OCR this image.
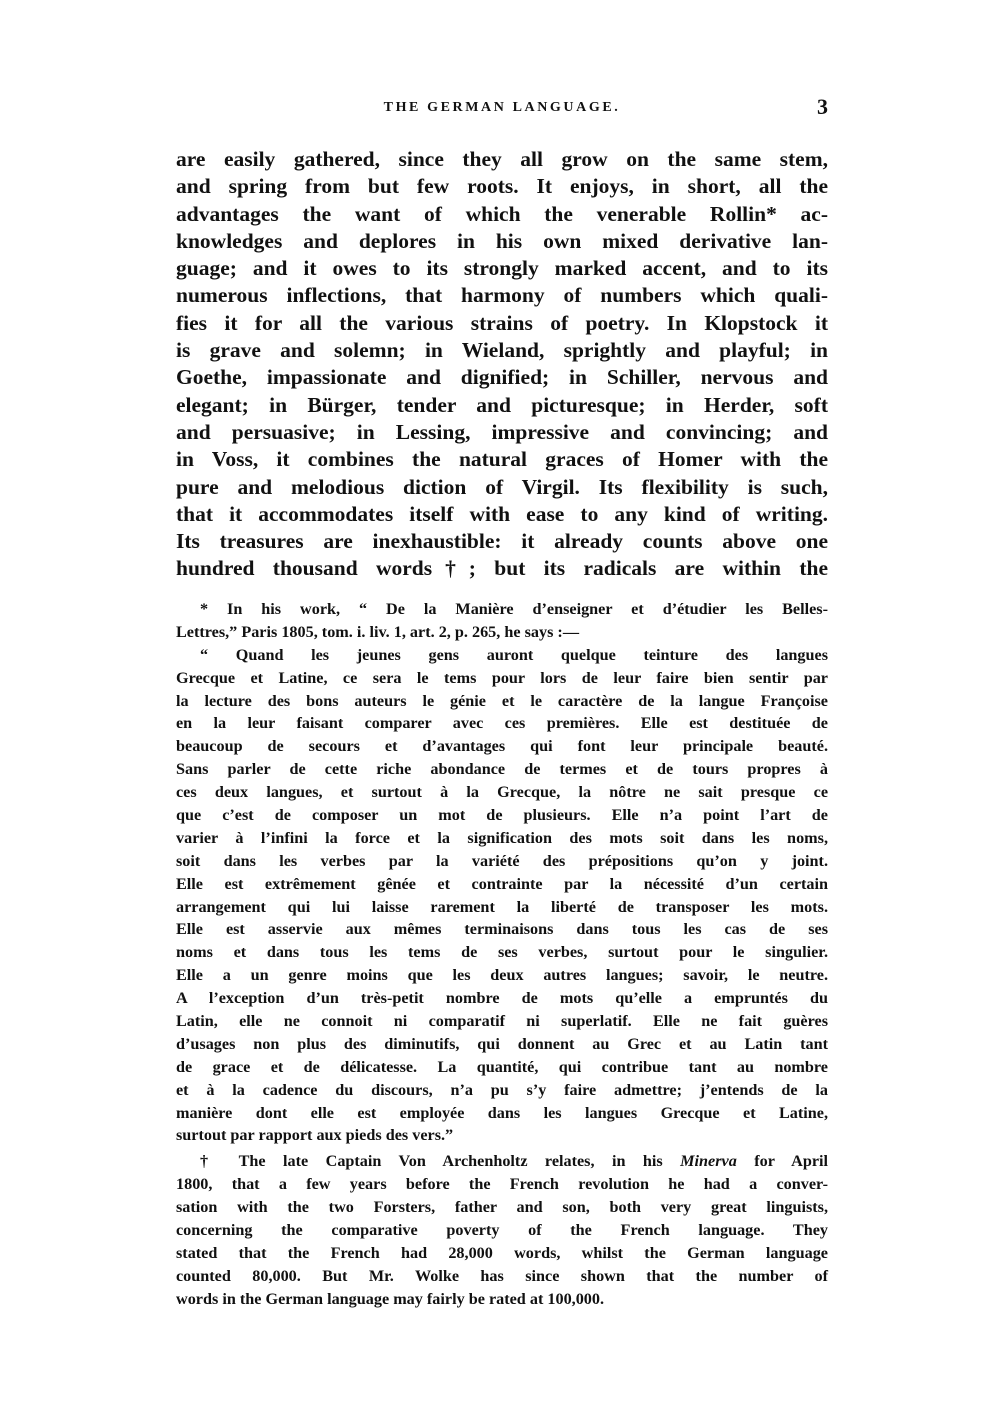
THE GERMAN LANGUAGE.	3
are easily gathered, since they all grow on the same stem,
and spring from but few roots. It enjoys, in short, all the
advantages the want of which the venerable Rollin* ac-
knowledges and deplores in his own mixed derivative lan-
guage; and it owes to its strongly marked accent, and to its
numerous inflections, that harmony of numbers which quali-
fies it for all the various strains of poetry. In Klopstock it
is grave and solemn; in Wieland, sprightly and playful; in
Goethe, impassionate and dignified; in Schiller, nervous and
elegant; in Bürger, tender and picturesque; in Herder, soft
and persuasive; in Lessing, impressive and convincing; and
in Voss, it combines the natural graces of Homer with the
pure and melodious diction of Virgil. Its flexibility is such,
that it accommodates itself with ease to any kind of writing.
Its treasures are inexhaustible: it already counts above one
hundred thousand words†; but its radicals are within the
* In his work, “ De la Manière d’enseigner et d’étudier les Belles-
Lettres,” Paris 1805, tom. i. liv. 1, art. 2, p. 265, he says :—
“ Quand les jeunes gens auront quelque teinture des langues
Grecque et Latine, ce sera le tems pour lors de leur faire bien sentir par
la lecture des bons auteurs le génie et le caractère de la langue Françoise
en la leur faisant comparer avec ces premières. Elle est destituée de
beaucoup de secours et d’avantages qui font leur principale beauté.
Sans parler de cette riche abondance de termes et de tours propres à
ces deux langues, et surtout à la Grecque, la nôtre ne sait presque ce
que c’est de composer un mot de plusieurs. Elle n’a point l’art de
varier à l’infini la force et la signification des mots soit dans les noms,
soit dans les verbes par la variété des prépositions qu’on y joint.
Elle est extrêmement gênée et contrainte par la nécessité d’un certain
arrangement qui lui laisse rarement la liberté de transposer les mots.
Elle est asservie aux mêmes terminaisons dans tous les cas de ses
noms et dans tous les tems de ses verbes, surtout pour le singulier.
Elle a un genre moins que les deux autres langues; savoir, le neutre.
A l’exception d’un très-petit nombre de mots qu’elle a empruntés du
Latin, elle ne connoit ni comparatif ni superlatif. Elle ne fait guères
d’usages non plus des diminutifs, qui donnent au Grec et au Latin tant
de grace et de délicatesse. La quantité, qui contribue tant au nombre
et à la cadence du discours, n’a pu s’y faire admettre; j’entends de la
manière dont elle est employée dans les langues Grecque et Latine,
surtout par rapport aux pieds des vers.”
† The late Captain Von Archenholtz relates, in his Minerva for April
1800, that a few years before the French revolution he had a conver-
sation with the two Forsters, father and son, both very great linguists,
concerning the comparative poverty of the French language. They
stated that the French had 28,000 words, whilst the German language
counted 80,000. But Mr. Wolke has since shown that the number of
words in the German language may fairly be rated at 100,000.
